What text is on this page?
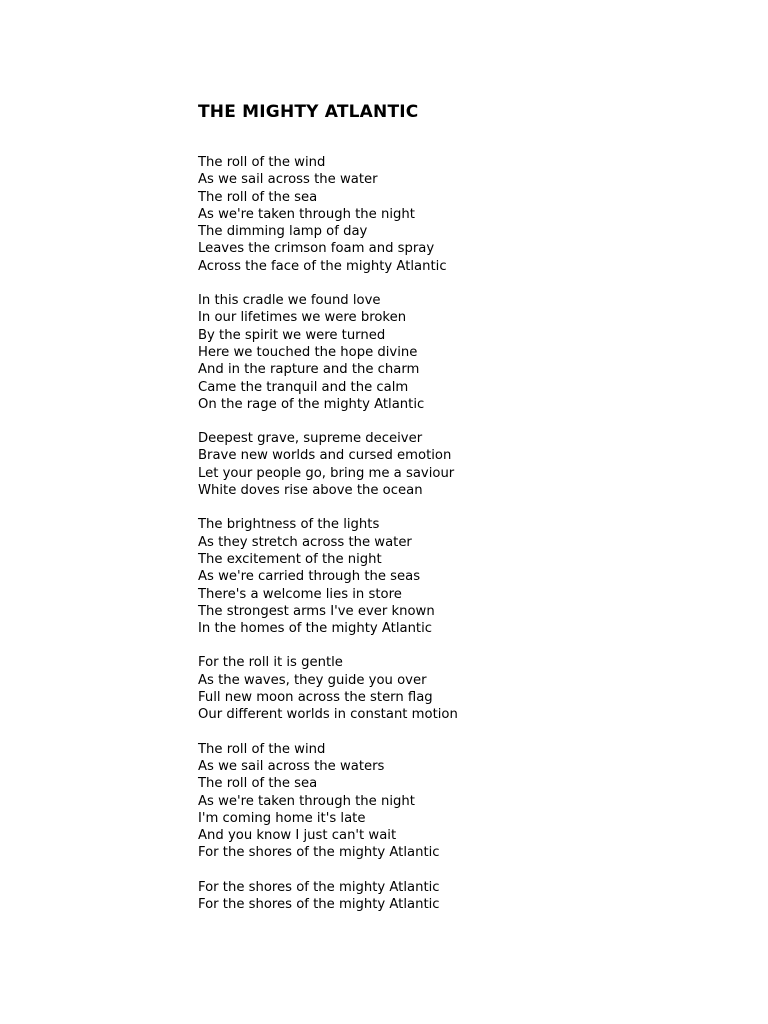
THE MIGHTY ATLANTIC
The roll of the wind
As we sail across the water
The roll of the sea
As we're taken through the night
The dimming lamp of day
Leaves the crimson foam and spray
Across the face of the mighty Atlantic
In this cradle we found love
In our lifetimes we were broken
By the spirit we were turned
Here we touched the hope divine
And in the rapture and the charm
Came the tranquil and the calm
On the rage of the mighty Atlantic
Deepest grave, supreme deceiver
Brave new worlds and cursed emotion
Let your people go, bring me a saviour
White doves rise above the ocean
The brightness of the lights
As they stretch across the water
The excitement of the night
As we're carried through the seas
There's a welcome lies in store
The strongest arms I've ever known
In the homes of the mighty Atlantic
For the roll it is gentle
As the waves, they guide you over
Full new moon across the stern flag
Our different worlds in constant motion
The roll of the wind
As we sail across the waters
The roll of the sea
As we're taken through the night
I'm coming home it's late
And you know I just can't wait
For the shores of the mighty Atlantic
For the shores of the mighty Atlantic
For the shores of the mighty Atlantic
